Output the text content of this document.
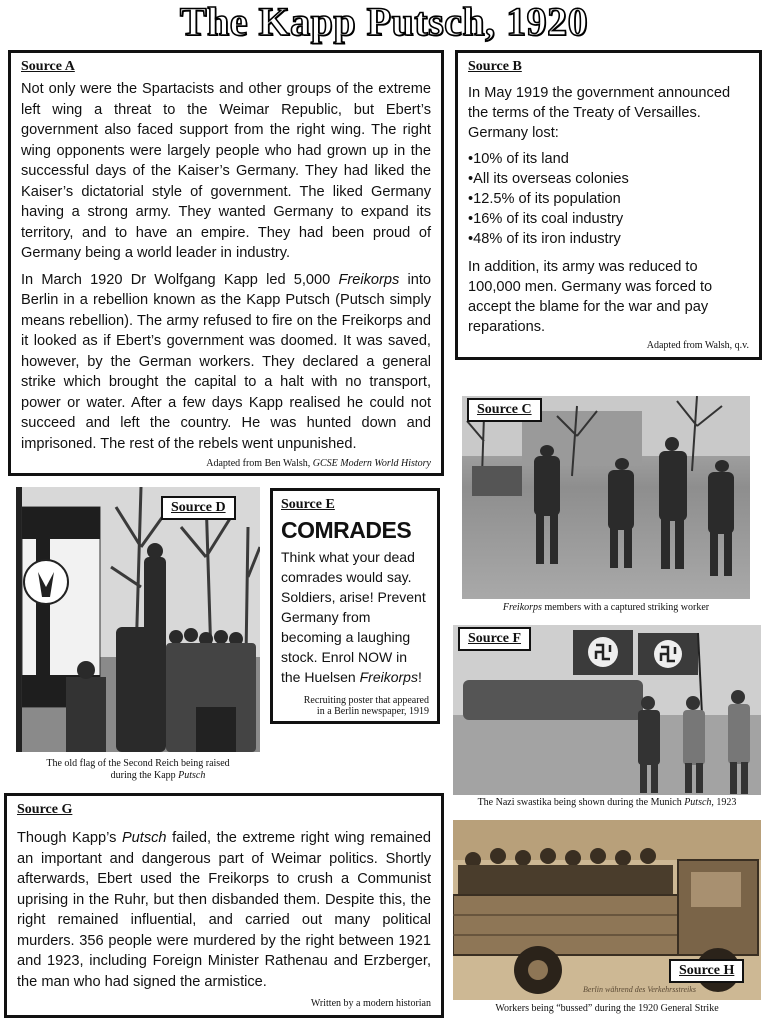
The Kapp Putsch, 1920
Source A

Not only were the Spartacists and other groups of the extreme left wing a threat to the Weimar Republic, but Ebert’s government also faced support from the right wing. The right wing opponents were largely people who had grown up in the successful days of the Kaiser’s Germany. They had liked the Kaiser’s dictatorial style of government. The liked Germany having a strong army. They wanted Germany to expand its territory, and to have an empire. They had been proud of Germany being a world leader in industry.

In March 1920 Dr Wolfgang Kapp led 5,000 Freikorps into Berlin in a rebellion known as the Kapp Putsch (Putsch simply means rebellion). The army refused to fire on the Freikorps and it looked as if Ebert’s government was doomed. It was saved, however, by the German workers. They declared a general strike which brought the capital to a halt with no transport, power or water. After a few days Kapp realised he could not succeed and left the country. He was hunted down and imprisoned. The rest of the rebels went unpunished.

Adapted from Ben Walsh, GCSE Modern World History
Source B

In May 1919 the government announced the terms of the Treaty of Versailles. Germany lost:

• 10% of its land
• All its overseas colonies
• 12.5% of its population
• 16% of its coal industry
• 48% of its iron industry

In addition, its army was reduced to 100,000 men. Germany was forced to accept the blame for the war and pay reparations.

Adapted from Walsh, q.v.
Source C
Freikorps members with a captured striking worker
Source D
The old flag of the Second Reich being raised
during the Kapp Putsch
Source E
COMRADES
Think what your dead comrades would say. Soldiers, arise! Prevent Germany from becoming a laughing stock. Enrol NOW in the Huelsen Freikorps!
Recruiting poster that appeared
in a Berlin newspaper, 1919
Source F
The Nazi swastika being shown during the Munich Putsch, 1923
Source G
Though Kapp’s Putsch failed, the extreme right wing remained an important and dangerous part of Weimar politics. Shortly afterwards, Ebert used the Freikorps to crush a Communist uprising in the Ruhr, but then disbanded them. Despite this, the right remained influential, and carried out many political murders. 356 people were murdered by the right between 1921 and 1923, including Foreign Minister Rathenau and Erzberger, the man who had signed the armistice.
Written by a modern historian
Berlin während des Verkehrsstreiks
Source H
Workers being “bussed” during the 1920 General Strike
